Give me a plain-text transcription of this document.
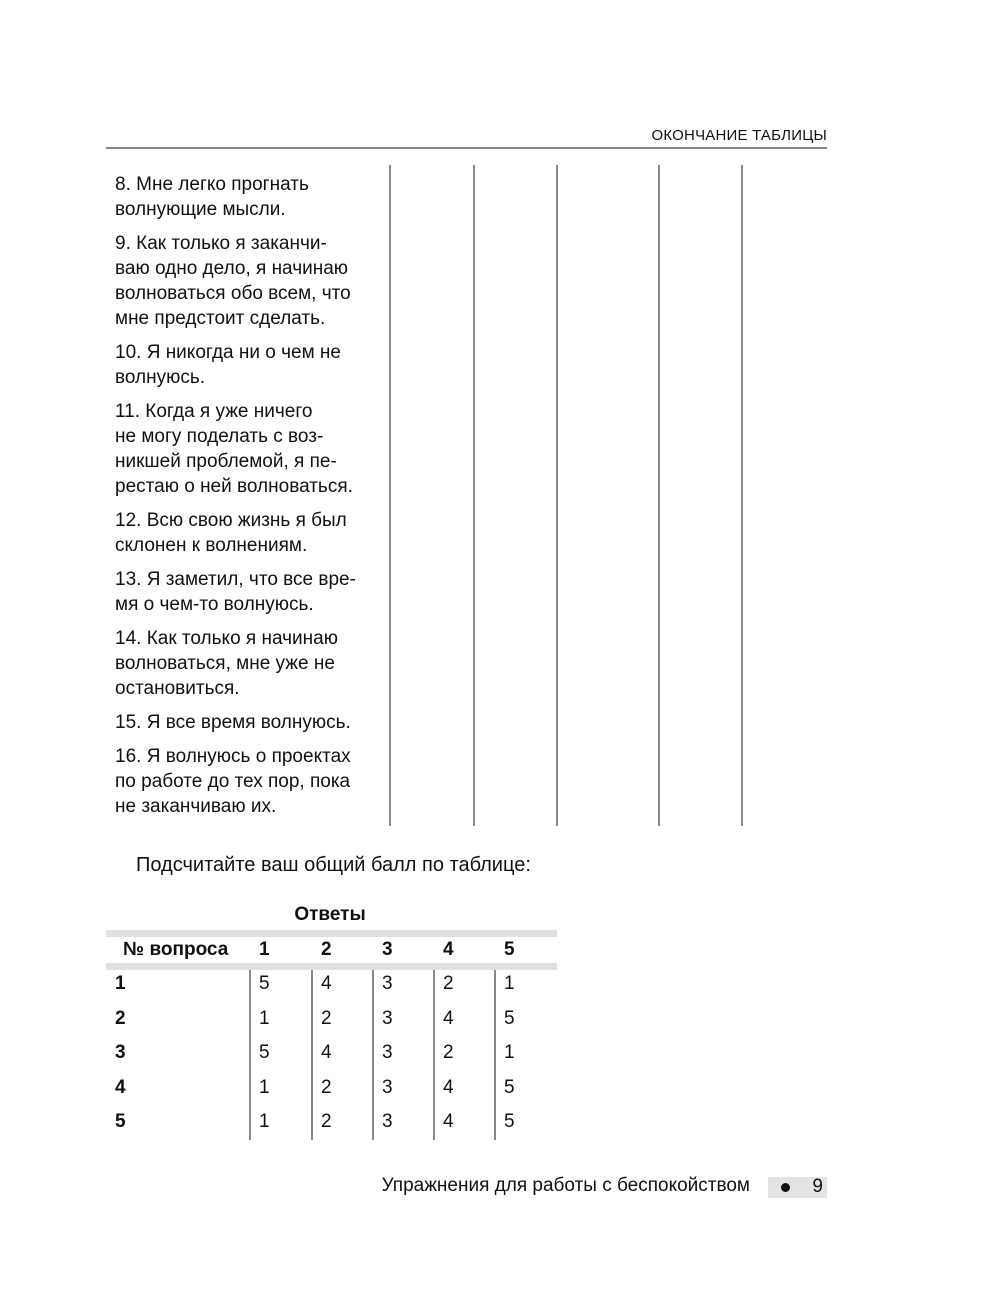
ОКОНЧАНИЕ ТАБЛИЦЫ
8. Мне легко прогнать
волнующие мысли.
9. Как только я заканчи-
ваю одно дело, я начинаю
волноваться обо всем, что
мне предстоит сделать.
10. Я никогда ни о чем не
волнуюсь.
11. Когда я уже ничего
не могу поделать с воз-
никшей проблемой, я пе-
рестаю о ней волноваться.
12. Всю свою жизнь я был
склонен к волнениям.
13. Я заметил, что все вре-
мя о чем-то волнуюсь.
14. Как только я начинаю
волноваться, мне уже не
остановиться.
15. Я все время волнуюсь.
16. Я волнуюсь о проектах
по работе до тех пор, пока
не заканчиваю их.
Подсчитайте ваш общий балл по таблице:
Ответы
№ вопроса 1	2	3	4	5
1	5	4	3	2	1
2	1	2	3	4	5
3	5	4	3	2	1
4	1	2	3	4	5
5	1	2	3	4	5
Упражнения для работы с беспокойством	9
